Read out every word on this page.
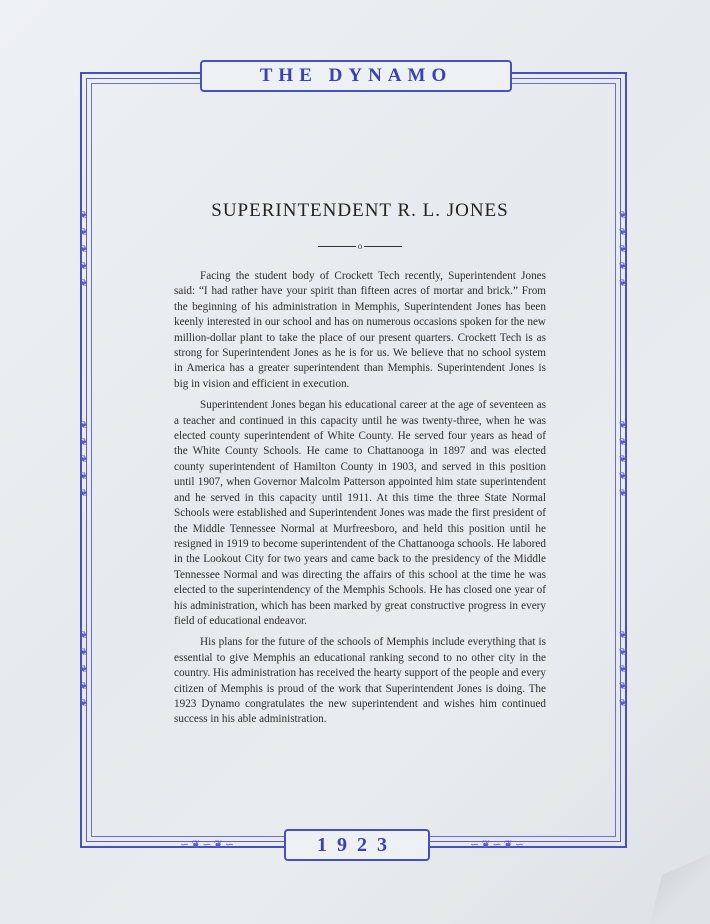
❦
❦
❦
❦
❦
❦
❦
❦
❦
❦
❦
❦
❦
❦
❦
❦
❦
❦
❦
❦
❦
❦
❦
❦
❦
❦
❦
❦
❦
❦
∽❦∽❦∽	∽❦∽❦∽
THE DYNAMO
1923
SUPERINTENDENT R. L. JONES
o

Facing the student body of Crockett Tech recently, Superintendent Jones said: “I had rather have your spirit than fifteen acres of mortar and brick.” From the beginning of his administration in Memphis, Superintendent Jones has been keenly interested in our school and has on numerous occasions spoken for the new million-dollar plant to take the place of our present quarters. Crockett Tech is as strong for Superintendent Jones as he is for us. We believe that no school system in America has a greater superintendent than Memphis. Superintendent Jones is big in vision and efficient in execution.

Superintendent Jones began his educational career at the age of seventeen as a teacher and continued in this capacity until he was twenty-three, when he was elected county superintendent of White County. He served four years as head of the White County Schools. He came to Chattanooga in 1897 and was elected county superintendent of Hamilton County in 1903, and served in this position until 1907, when Governor Malcolm Patterson appointed him state superintendent and he served in this capacity until 1911. At this time the three State Normal Schools were established and Superintendent Jones was made the first president of the Middle Tennessee Normal at Murfreesboro, and held this position until he resigned in 1919 to become superintendent of the Chattanooga schools. He labored in the Lookout City for two years and came back to the presidency of the Middle Tennessee Normal and was directing the affairs of this school at the time he was elected to the superintendency of the Memphis Schools. He has closed one year of his administration, which has been marked by great constructive progress in every field of educational endeavor.

His plans for the future of the schools of Memphis include everything that is essential to give Memphis an educational ranking second to no other city in the country. His administration has received the hearty support of the people and every citizen of Memphis is proud of the work that Superintendent Jones is doing. The 1923 Dynamo congratulates the new superintendent and wishes him continued success in his able administration.
